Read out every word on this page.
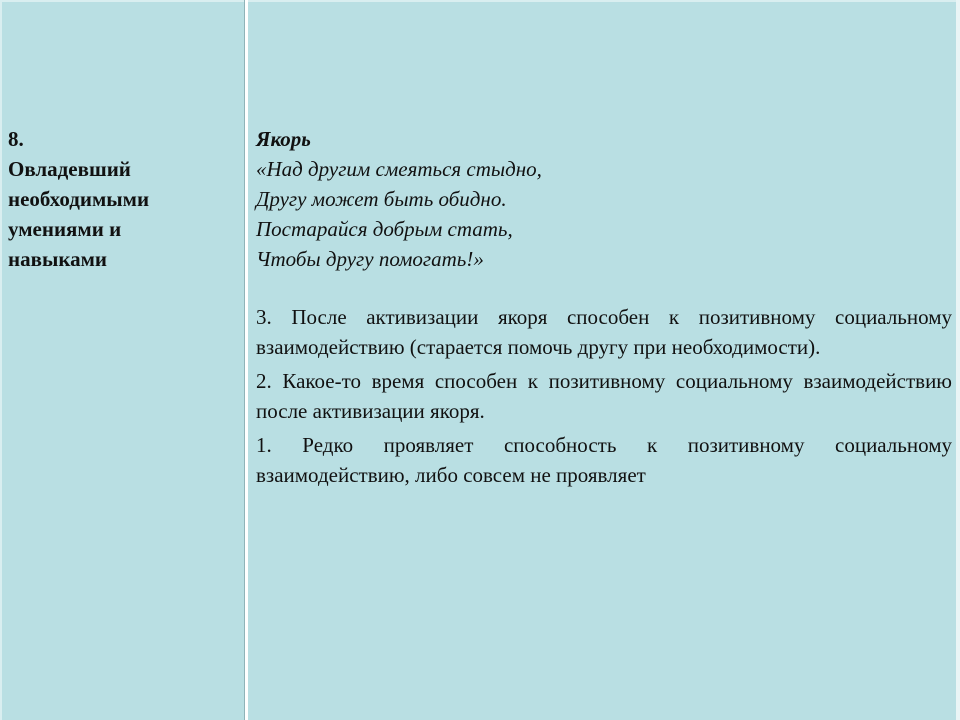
8.
Овладевший
необходимыми
умениями и
навыками
Якорь
«Над другим смеяться стыдно,
Другу может быть обидно.
Постарайся добрым стать,
Чтобы другу помогать!»
3. После активизации якоря способен к позитивному социальному взаимодействию (старается помочь другу при необходимости).
2. Какое-то время способен к позитивному социальному взаимодействию после активизации якоря.
1. Редко проявляет способность к позитивному социальному взаимодействию, либо совсем не проявляет
